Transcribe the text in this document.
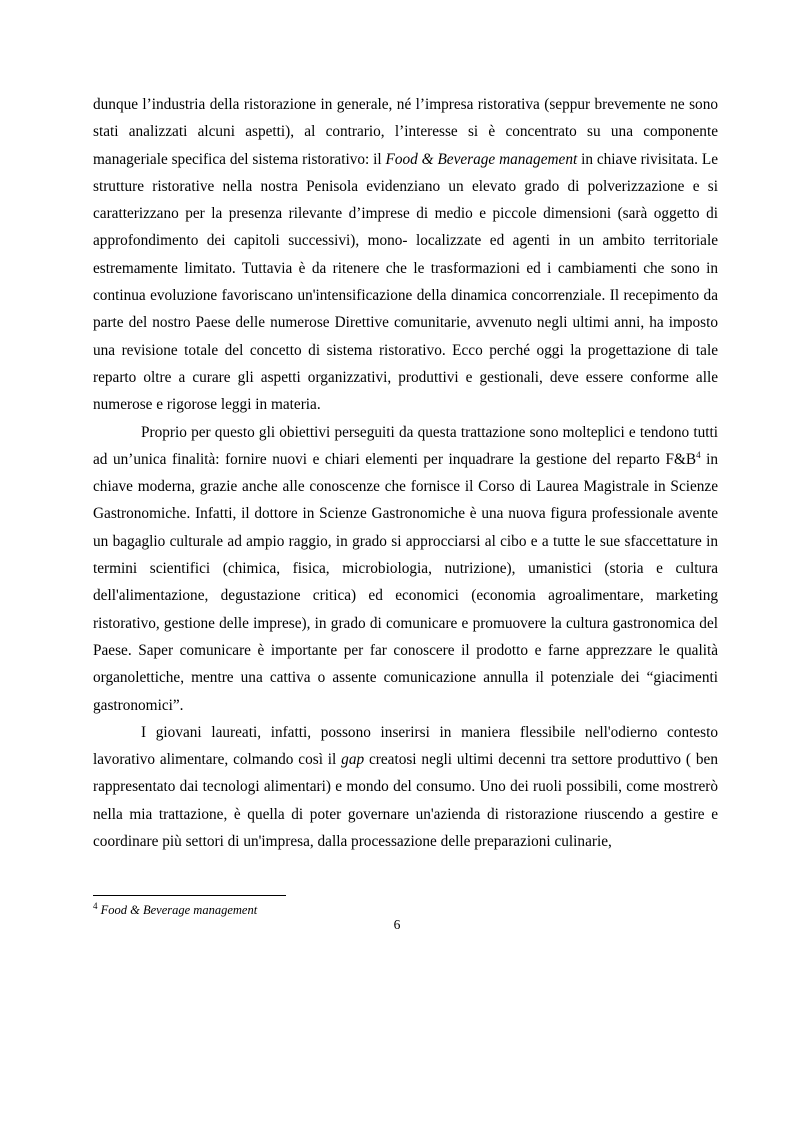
dunque l’industria della ristorazione in generale, né l’impresa ristorativa (seppur brevemente ne sono stati analizzati alcuni aspetti), al contrario, l’interesse si è concentrato su una componente manageriale specifica del sistema ristorativo: il Food & Beverage management in chiave rivisitata. Le strutture ristorative nella nostra Penisola evidenziano un elevato grado di polverizzazione e si caratterizzano per la presenza rilevante d’imprese di medio e piccole dimensioni (sarà oggetto di approfondimento dei capitoli successivi), mono- localizzate ed agenti in un ambito territoriale estremamente limitato. Tuttavia è da ritenere che le trasformazioni ed i cambiamenti che sono in continua evoluzione favoriscano un'intensificazione della dinamica concorrenziale. Il recepimento da parte del nostro Paese delle numerose Direttive comunitarie, avvenuto negli ultimi anni, ha imposto una revisione totale del concetto di sistema ristorativo. Ecco perché oggi la progettazione di tale reparto oltre a curare gli aspetti organizzativi, produttivi e gestionali, deve essere conforme alle numerose e rigorose leggi in materia.

Proprio per questo gli obiettivi perseguiti da questa trattazione sono molteplici e tendono tutti ad un’unica finalità: fornire nuovi e chiari elementi per inquadrare la gestione del reparto $F\&B^4$ in chiave moderna, grazie anche alle conoscenze che fornisce il Corso di Laurea Magistrale in Scienze Gastronomiche. Infatti, il dottore in Scienze Gastronomiche è una nuova figura professionale avente un bagaglio culturale ad ampio raggio, in grado si approcciarsi al cibo e a tutte le sue sfaccettature in termini scientifici (chimica, fisica, microbiologia, nutrizione), umanistici (storia e cultura dell'alimentazione, degustazione critica) ed economici (economia agroalimentare, marketing ristorativo, gestione delle imprese), in grado di comunicare e promuovere la cultura gastronomica del Paese. Saper comunicare è importante per far conoscere il prodotto e farne apprezzare le qualità organolettiche, mentre una cattiva o assente comunicazione annulla il potenziale dei “giacimenti gastronomici”.

I giovani laureati, infatti, possono inserirsi in maniera flessibile nell'odierno contesto lavorativo alimentare, colmando così il gap creatosi negli ultimi decenni tra settore produttivo ( ben rappresentato dai tecnologi alimentari) e mondo del consumo. Uno dei ruoli possibili, come mostrerò nella mia trattazione, è quella di poter governare un'azienda di ristorazione riuscendo a gestire e coordinare più settori di un'impresa, dalla processazione delle preparazioni culinarie,

$^4$ Food & Beverage management
6
